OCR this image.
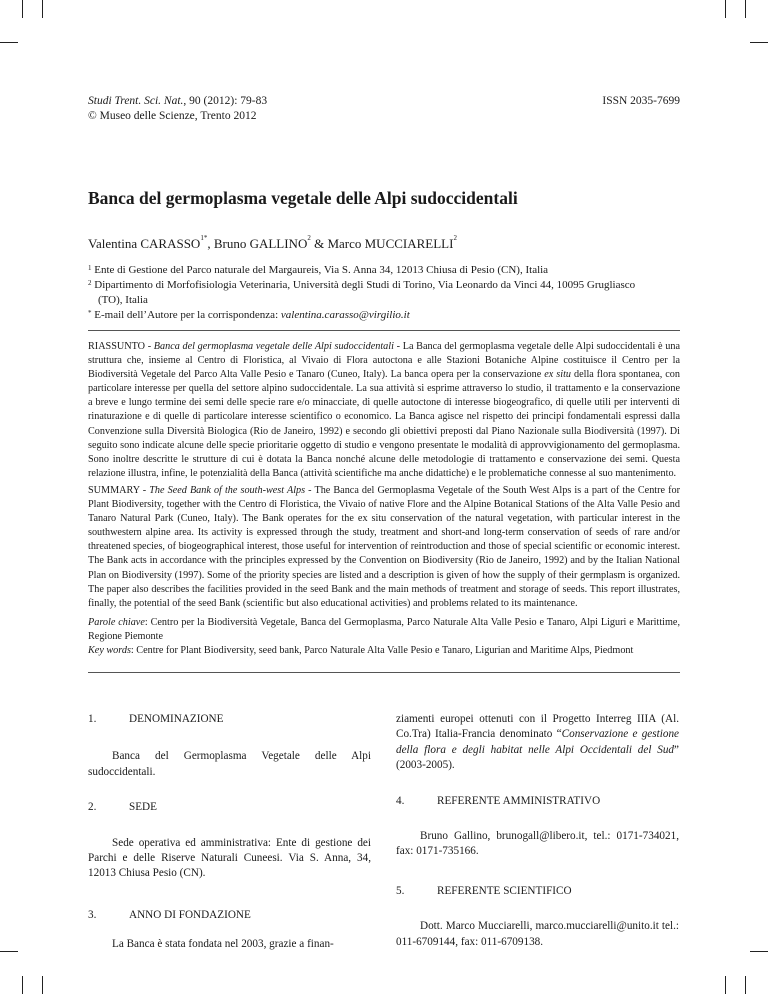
Studi Trent. Sci. Nat., 90 (2012): 79-83
© Museo delle Scienze, Trento 2012
ISSN 2035-7699
Banca del germoplasma vegetale delle Alpi sudoccidentali
Valentina $CARASSO^{1*}$, Bruno GALLINO$^2$ & Marco MUCCIARELLI$^2$
$^1$ Ente di Gestione del Parco naturale del Margaureis, Via S. Anna 34, 12013 Chiusa di Pesio (CN), Italia
$^2$ Dipartimento di Morfofisiologia Veterinaria, Università degli Studi di Torino, Via Leonardo da Vinci 44, 10095 Grugliasco
(TO), Italia
* E-mail dell’Autore per la corrispondenza: valentina.carasso@virgilio.it
RIASSUNTO - Banca del germoplasma vegetale delle Alpi sudoccidentali - La Banca del germoplasma vegetale delle Alpi sudoccidentali è una struttura che, insieme al Centro di Floristica, al Vivaio di Flora autoctona e alle Stazioni Botaniche Alpine costituisce il Centro per la Biodiversità Vegetale del Parco Alta Valle Pesio e Tanaro (Cuneo, Italy). La banca opera per la conservazione ex situ della flora spontanea, con particolare interesse per quella del settore alpino sudoccidentale. La sua attività si esprime attraverso lo studio, il trattamento e la conservazione a breve e lungo termine dei semi delle specie rare e/o minacciate, di quelle autoctone di interesse biogeografico, di quelle utili per interventi di rinaturazione e di quelle di particolare interesse scientifico o economico. La Banca agisce nel rispetto dei principi fondamentali espressi dalla Convenzione sulla Diversità Biologica (Rio de Janeiro, 1992) e secondo gli obiettivi preposti dal Piano Nazionale sulla Biodiversità (1997). Di seguito sono indicate alcune delle specie prioritarie oggetto di studio e vengono presentate le modalità di approvvigionamento del germoplasma. Sono inoltre descritte le strutture di cui è dotata la Banca nonché alcune delle metodologie di trattamento e conservazione dei semi. Questa relazione illustra, infine, le potenzialità della Banca (attività scientifiche ma anche didattiche) e le problematiche connesse al suo mantenimento.
SUMMARY - The Seed Bank of the south-west Alps - The Banca del Germoplasma Vegetale of the South West Alps is a part of the Centre for Plant Biodiversity, together with the Centro di Floristica, the Vivaio of native Flore and the Alpine Botanical Stations of the Alta Valle Pesio and Tanaro Natural Park (Cuneo, Italy). The Bank operates for the ex situ conservation of the natural vegetation, with particular interest in the southwestern alpine area. Its activity is expressed through the study, treatment and short-and long-term conservation of seeds of rare and/or threatened species, of biogeographical interest, those useful for intervention of reintroduction and those of special scientific or economic interest. The Bank acts in accordance with the principles expressed by the Convention on Biodiversity (Rio de Janeiro, 1992) and by the Italian National Plan on Biodiversity (1997). Some of the priority species are listed and a description is given of how the supply of their germplasm is organized. The paper also describes the facilities provided in the seed Bank and the main methods of treatment and storage of seeds. This report illustrates, finally, the potential of the seed Bank (scientific but also educational activities) and problems related to its maintenance.
Parole chiave: Centro per la Biodiversità Vegetale, Banca del Germoplasma, Parco Naturale Alta Valle Pesio e Tanaro, Alpi Liguri e Marittime, Regione Piemonte
Key words: Centre for Plant Biodiversity, seed bank, Parco Naturale Alta Valle Pesio e Tanaro, Ligurian and Maritime Alps, Piedmont
1.	DENOMINAZIONE
Banca del Germoplasma Vegetale delle Alpi sudoccidentali.
2.	SEDE
Sede operativa ed amministrativa: Ente di gestione dei Parchi e delle Riserve Naturali Cuneesi. Via S. Anna, 34, 12013 Chiusa Pesio (CN).
3.	ANNO DI FONDAZIONE
La Banca è stata fondata nel 2003, grazie a finan-
ziamenti europei ottenuti con il Progetto Interreg IIIA (Al. Co.Tra) Italia-Francia denominato “Conservazione e gestione della flora e degli habitat nelle Alpi Occidentali del Sud” (2003-2005).
4.	REFERENTE AMMINISTRATIVO
Bruno Gallino, brunogall@libero.it, tel.: 0171-734021, fax: 0171-735166.
5.	REFERENTE SCIENTIFICO
Dott. Marco Mucciarelli, marco.mucciarelli@unito.it tel.: 011-6709144, fax: 011-6709138.
